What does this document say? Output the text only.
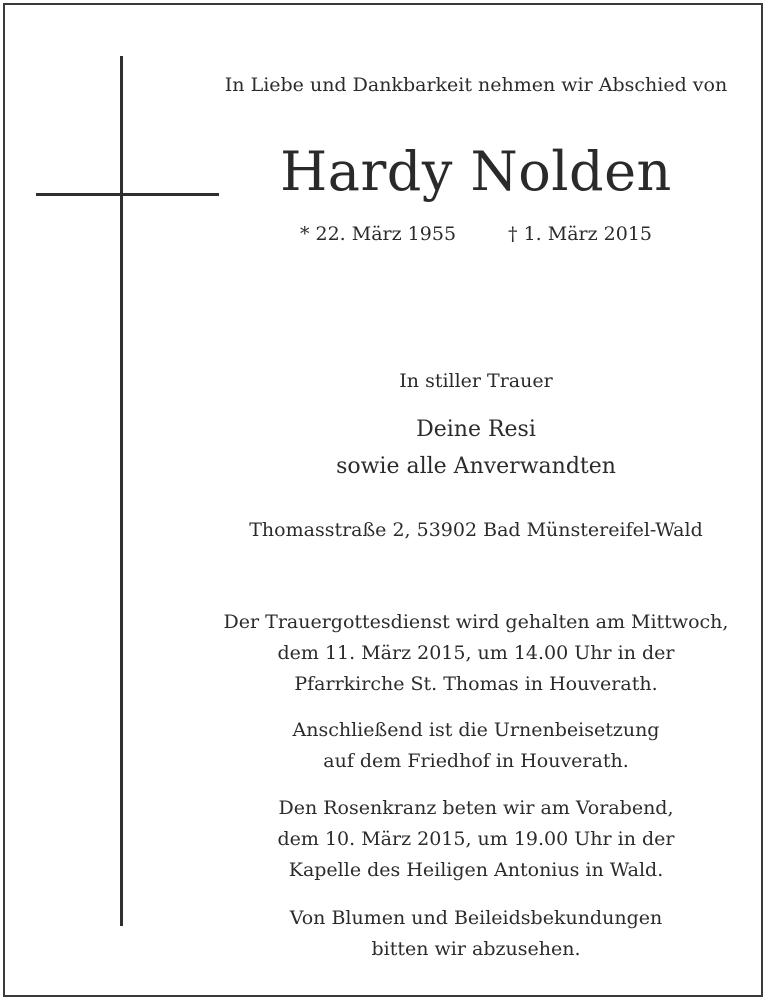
In Liebe und Dankbarkeit nehmen wir Abschied von
Hardy Nolden
* 22. März 1955	† 1. März 2015
In stiller Trauer
Deine Resi
sowie alle Anverwandten
Thomasstraße 2, 53902 Bad Münstereifel-Wald
Der Trauergottesdienst wird gehalten am Mittwoch,
dem 11. März 2015, um 14.00 Uhr in der
Pfarrkirche St. Thomas in Houverath.
Anschließend ist die Urnenbeisetzung
auf dem Friedhof in Houverath.
Den Rosenkranz beten wir am Vorabend,
dem 10. März 2015, um 19.00 Uhr in der
Kapelle des Heiligen Antonius in Wald.
Von Blumen und Beileidsbekundungen
bitten wir abzusehen.
